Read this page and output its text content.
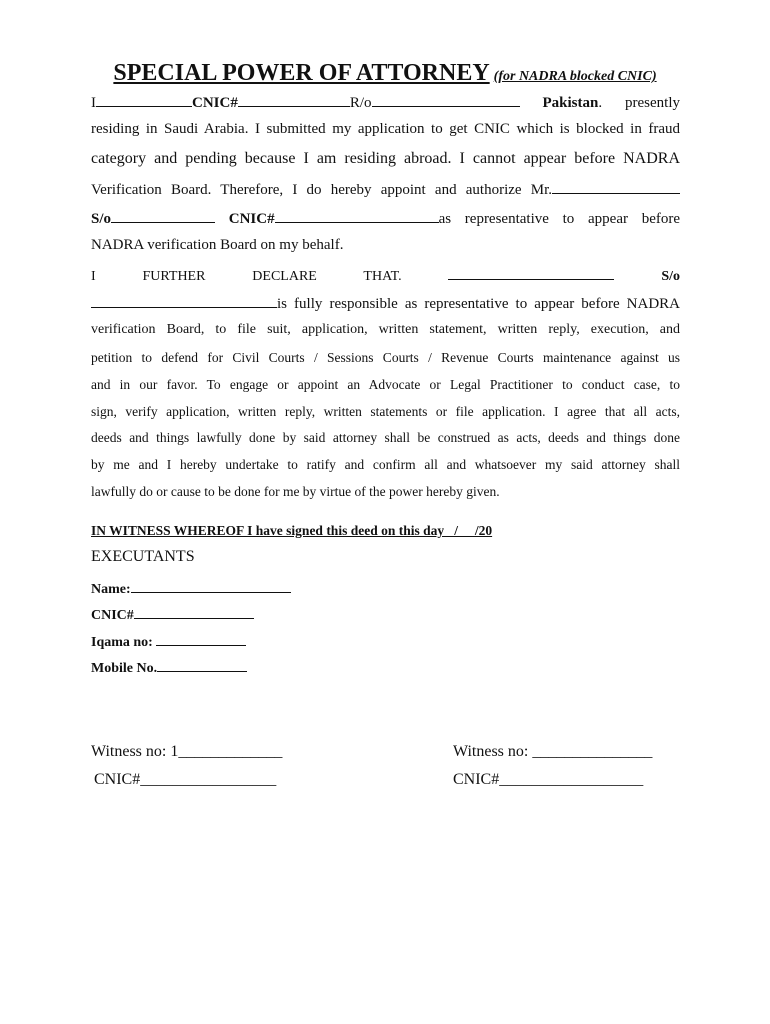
SPECIAL POWER OF ATTORNEY (for NADRA blocked CNIC)
I	CNIC#	R/o	Pakistan. presently
residing in Saudi Arabia. I submitted my application to get CNIC which is blocked in fraud
category and pending because I am residing abroad. I cannot appear before NADRA
Verification Board. Therefore, I do hereby appoint and authorize Mr.
S/o	CNIC#	as representative to appear before
NADRA verification Board on my behalf.
I	FURTHER	DECLARE	THAT.	S/o
is fully responsible as representative to appear before NADRA
verification Board, to file suit, application, written statement, written reply, execution, and
petition to defend for Civil Courts / Sessions Courts / Revenue Courts maintenance against us
and in our favor. To engage or appoint an Advocate or Legal Practitioner to conduct case, to
sign, verify application, written reply, written statements or file application. I agree that all acts,
deeds and things lawfully done by said attorney shall be construed as acts, deeds and things done
by me and I hereby undertake to ratify and confirm all and whatsoever my said attorney shall
lawfully do or cause to be done for me by virtue of the power hereby given.
IN WITNESS WHEREOF I have signed this deed on this day   /     /20
EXECUTANTS
Name:
CNIC#
Iqama no:
Mobile No.
Witness no: 1_____________
CNIC#_________________
Witness no: _______________
CNIC#__________________
